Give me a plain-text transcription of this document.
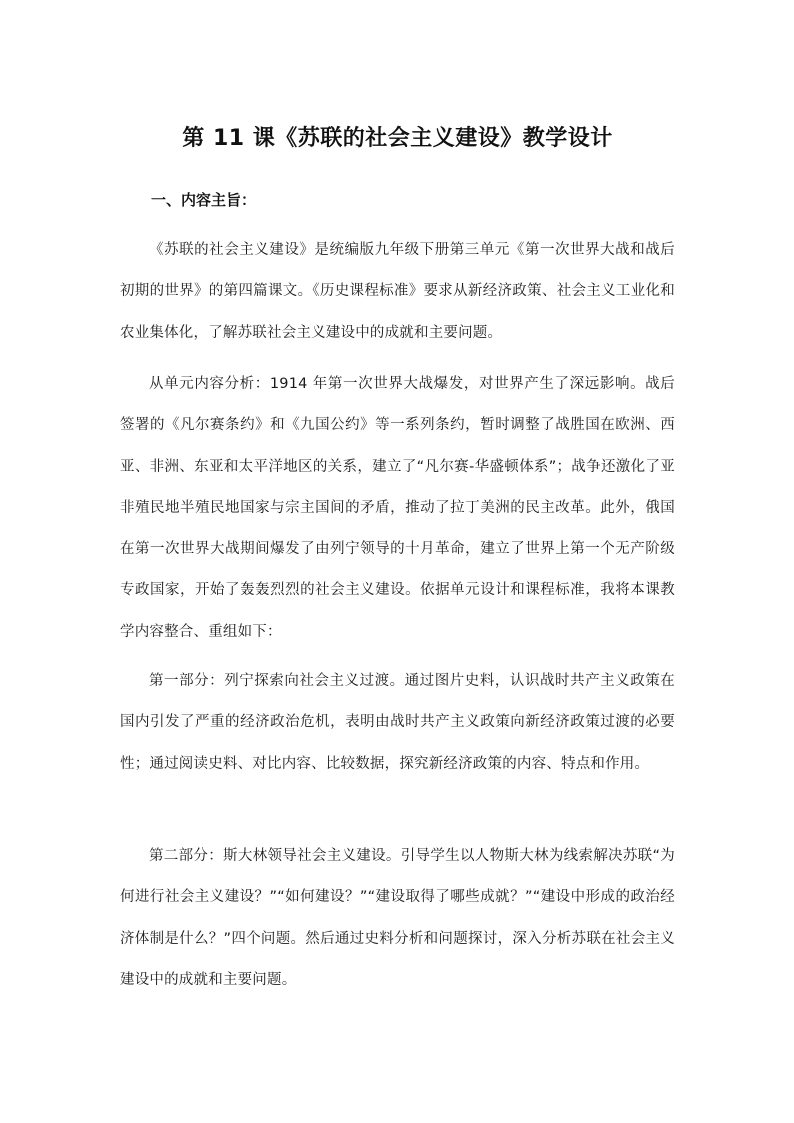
第 11 课《苏联的社会主义建设》教学设计
一、内容主旨：

《苏联的社会主义建设》是统编版九年级下册第三单元《第一次世界大战和战后初期的世界》的第四篇课文。《历史课程标准》要求从新经济政策、社会主义工业化和农业集体化，了解苏联社会主义建设中的成就和主要问题。

从单元内容分析：1914 年第一次世界大战爆发，对世界产生了深远影响。战后签署的《凡尔赛条约》和《九国公约》等一系列条约，暂时调整了战胜国在欧洲、西亚、非洲、东亚和太平洋地区的关系，建立了“凡尔赛-华盛顿体系”；战争还激化了亚非殖民地半殖民地国家与宗主国间的矛盾，推动了拉丁美洲的民主改革。此外，俄国在第一次世界大战期间爆发了由列宁领导的十月革命，建立了世界上第一个无产阶级专政国家，开始了轰轰烈烈的社会主义建设。依据单元设计和课程标准，我将本课教学内容整合、重组如下：

第一部分：列宁探索向社会主义过渡。通过图片史料，认识战时共产主义政策在国内引发了严重的经济政治危机，表明由战时共产主义政策向新经济政策过渡的必要性；通过阅读史料、对比内容、比较数据，探究新经济政策的内容、特点和作用。

第二部分：斯大林领导社会主义建设。引导学生以人物斯大林为线索解决苏联“为何进行社会主义建设？”“如何建设？”“建设取得了哪些成就？”“建设中形成的政治经济体制是什么？”四个问题。然后通过史料分析和问题探讨，深入分析苏联在社会主义建设中的成就和主要问题。
